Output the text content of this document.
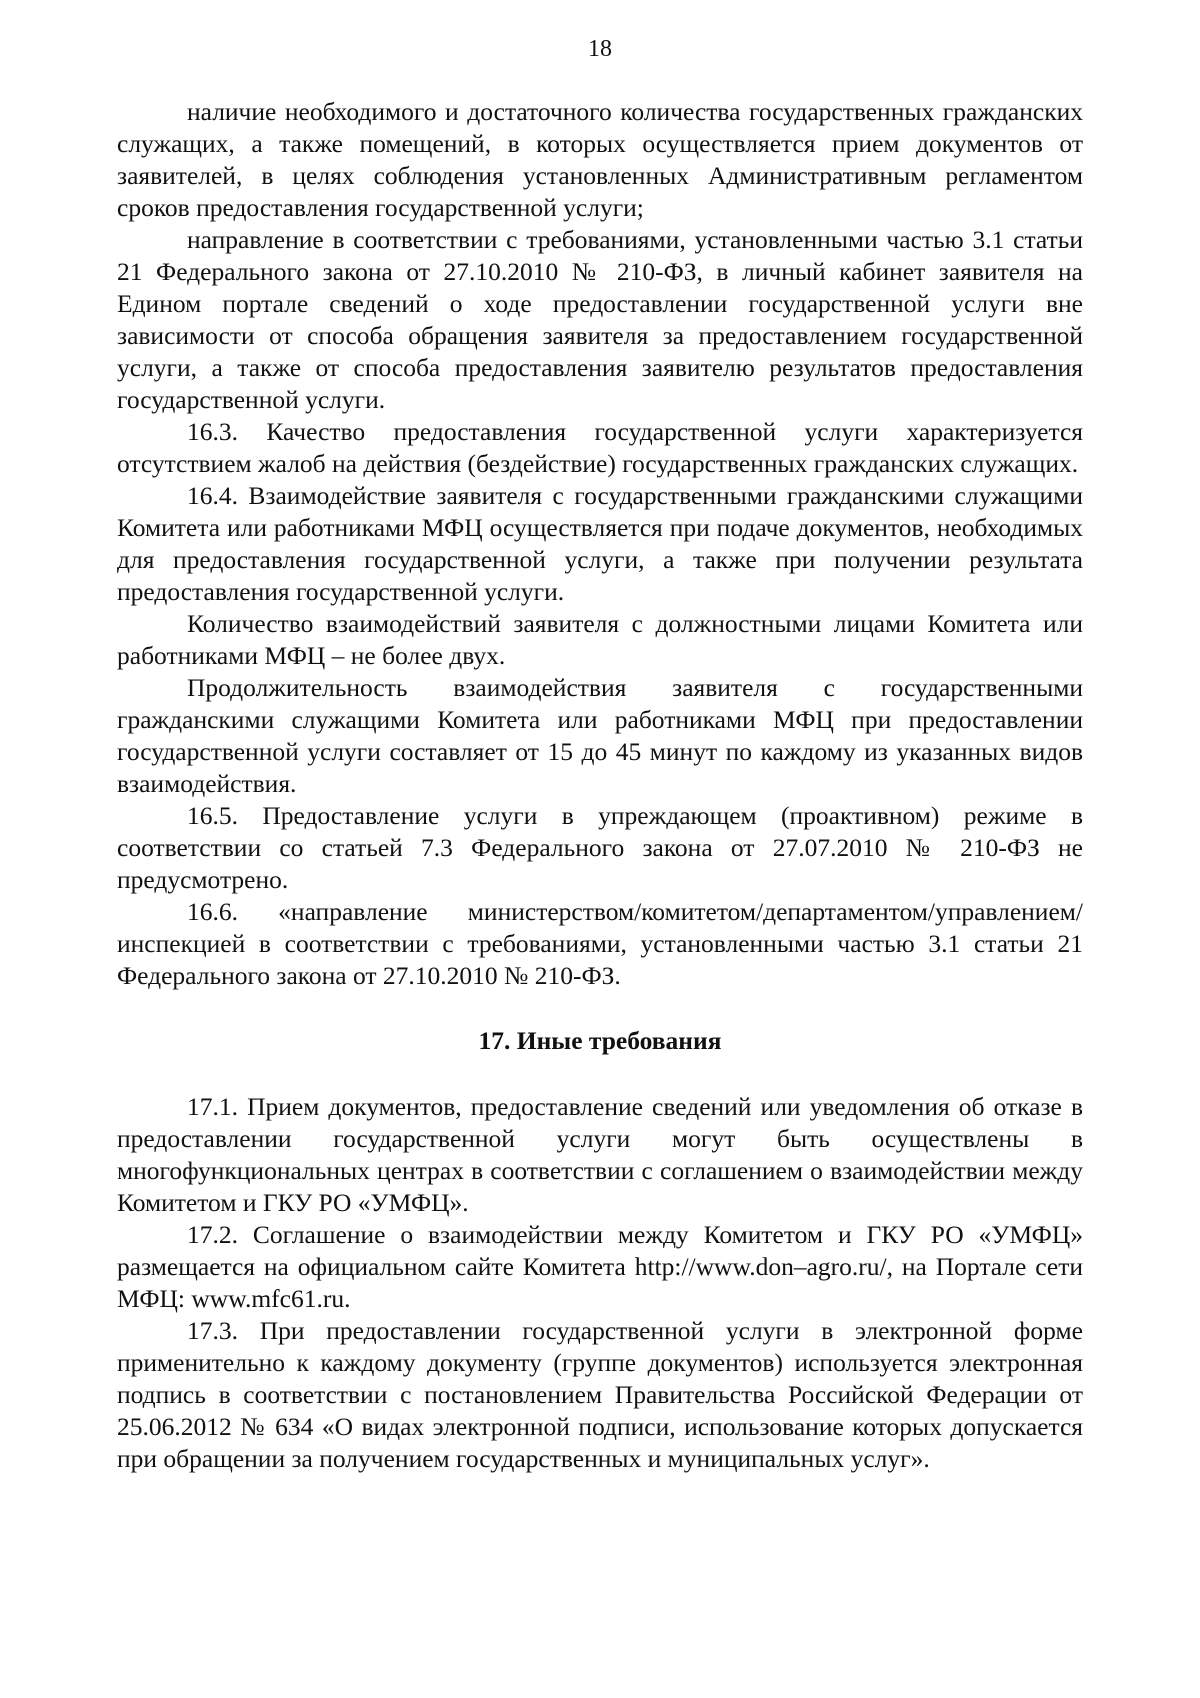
18

наличие необходимого и достаточного количества государственных гражданских служащих, а также помещений, в которых осуществляется прием документов от заявителей, в целях соблюдения установленных Административным регламентом сроков предоставления государственной услуги;

направление в соответствии с требованиями, установленными частью 3.1 статьи 21 Федерального закона от 27.10.2010 № 210-ФЗ, в личный кабинет заявителя на Едином портале сведений о ходе предоставлении государственной услуги вне зависимости от способа обращения заявителя за предоставлением государственной услуги, а также от способа предоставления заявителю результатов предоставления государственной услуги.

16.3. Качество предоставления государственной услуги характеризуется отсутствием жалоб на действия (бездействие) государственных гражданских служащих.

16.4. Взаимодействие заявителя с государственными гражданскими служащими Комитета или работниками МФЦ осуществляется при подаче документов, необходимых для предоставления государственной услуги, а также при получении результата предоставления государственной услуги.

Количество взаимодействий заявителя с должностными лицами Комитета или работниками МФЦ – не более двух.

Продолжительность взаимодействия заявителя с государственными гражданскими служащими Комитета или работниками МФЦ при предоставлении государственной услуги составляет от 15 до 45 минут по каждому из указанных видов взаимодействия.

16.5. Предоставление услуги в упреждающем (проактивном) режиме в соответствии со статьей 7.3 Федерального закона от 27.07.2010 № 210-ФЗ не предусмотрено.

16.6. «направление министерством/комитетом/департаментом/управлением/ инспекцией в соответствии с требованиями, установленными частью 3.1 статьи 21 Федерального закона от 27.10.2010 № 210-ФЗ.

17. Иные требования

17.1. Прием документов, предоставление сведений или уведомления об отказе в предоставлении государственной услуги могут быть осуществлены в многофункциональных центрах в соответствии с соглашением о взаимодействии между Комитетом и ГКУ РО «УМФЦ».

17.2. Соглашение о взаимодействии между Комитетом и ГКУ РО «УМФЦ» размещается на официальном сайте Комитета http://www.don–agro.ru/, на Портале сети МФЦ: www.mfc61.ru.

17.3. При предоставлении государственной услуги в электронной форме применительно к каждому документу (группе документов) используется электронная подпись в соответствии с постановлением Правительства Российской Федерации от 25.06.2012 № 634 «О видах электронной подписи, использование которых допускается при обращении за получением государственных и муниципальных услуг».
